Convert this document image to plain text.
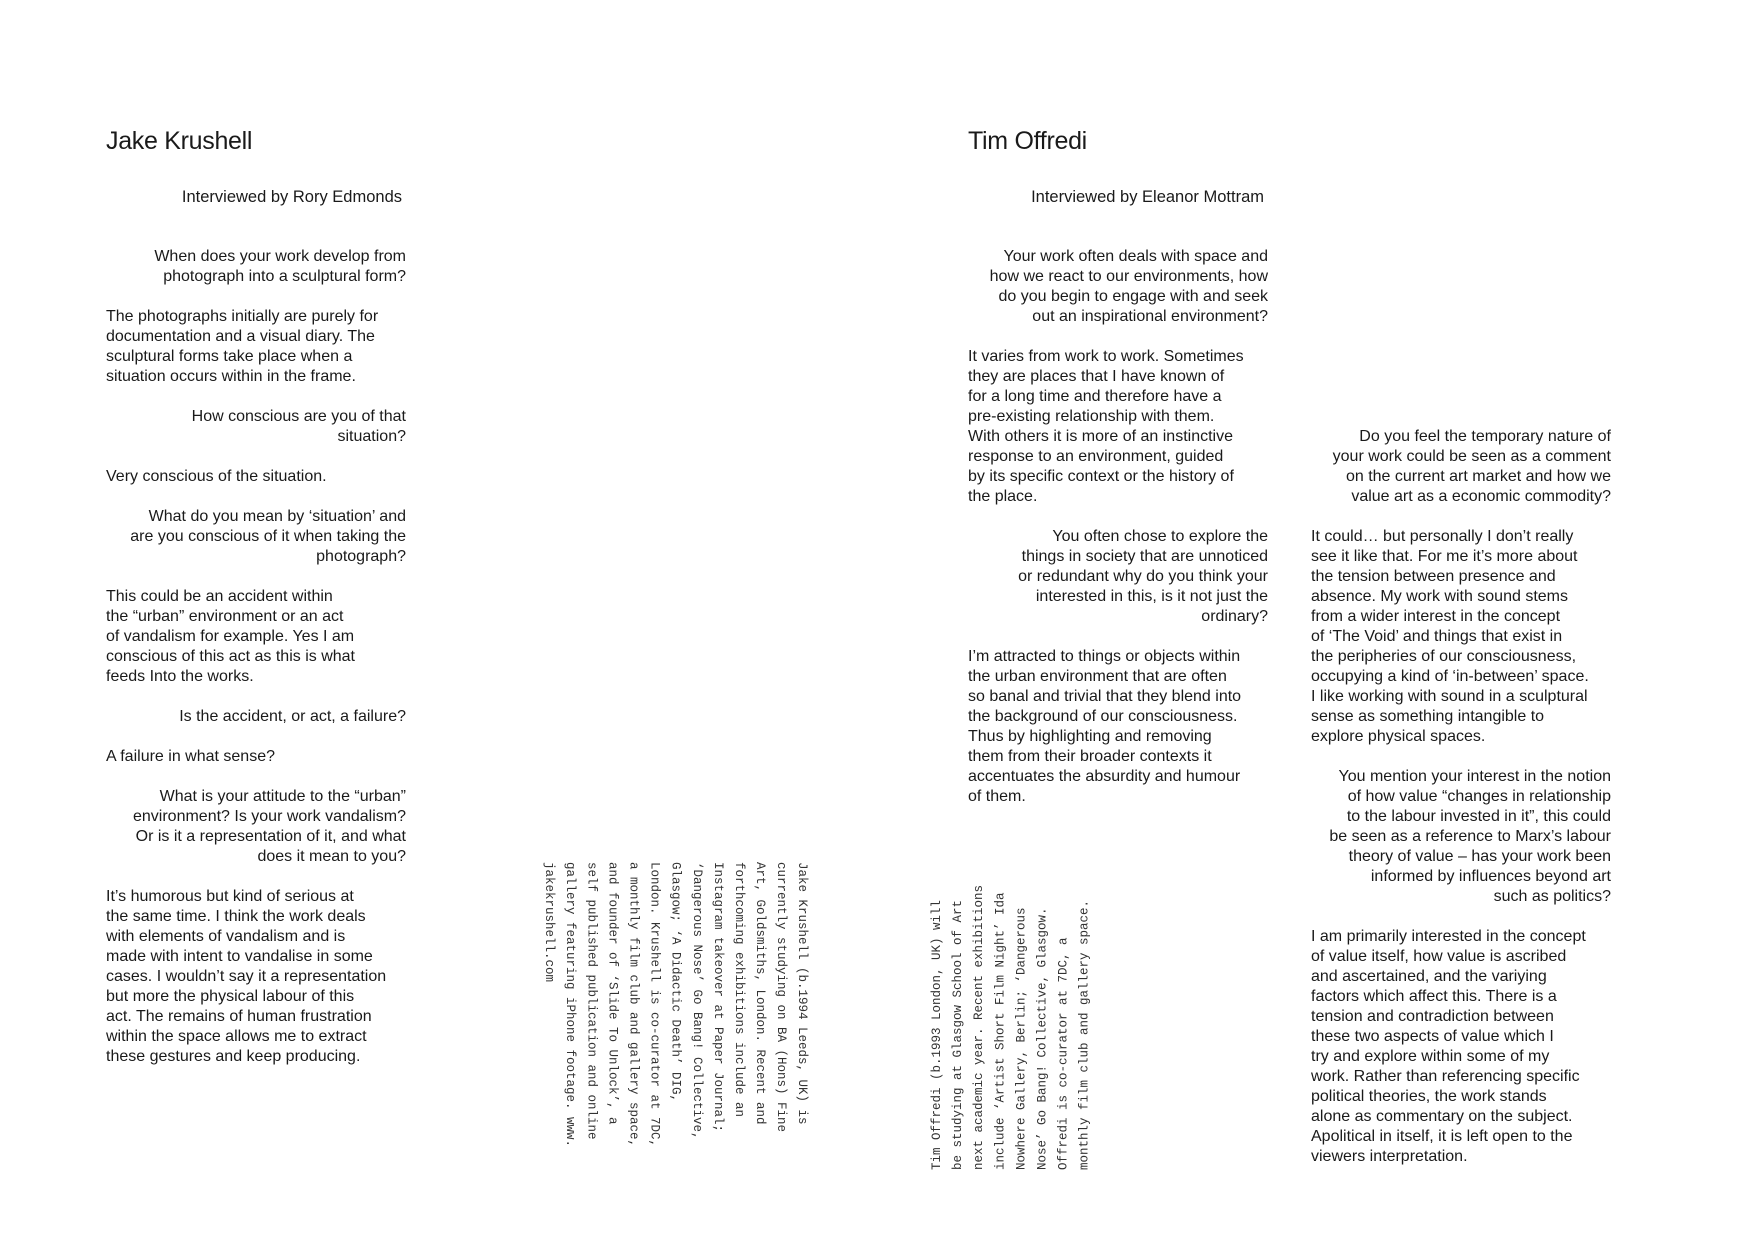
Jake Krushell
Interviewed by Rory Edmonds

When does your work develop from
photograph into a sculptural form?

The photographs initially are purely for
documentation and a visual diary. The
sculptural forms take place when a
situation occurs within in the frame.

How conscious are you of that
situation?

Very conscious of the situation.

What do you mean by ‘situation’ and
are you conscious of it when taking the
photograph?

This could be an accident within
the “urban” environment or an act
of vandalism for example. Yes I am
conscious of this act as this is what
feeds Into the works.

Is the accident, or act, a failure?

A failure in what sense?

What is your attitude to the “urban”
environment? Is your work vandalism?
Or is it a representation of it, and what
does it mean to you?

It’s humorous but kind of serious at
the same time. I think the work deals
with elements of vandalism and is
made with intent to vandalise in some
cases. I wouldn’t say it a representation
but more the physical labour of this
act. The remains of human frustration
within the space allows me to extract
these gestures and keep producing.

Tim Offredi
Interviewed by Eleanor Mottram

Your work often deals with space and
how we react to our environments, how
do you begin to engage with and seek
out an inspirational environment?

It varies from work to work. Sometimes
they are places that I have known of
for a long time and therefore have a
pre-existing relationship with them.
With others it is more of an instinctive
response to an environment, guided
by its specific context or the history of
the place.

You often chose to explore the
things in society that are unnoticed
or redundant why do you think your
interested in this, is it not just the
ordinary?

I’m attracted to things or objects within
the urban environment that are often
so banal and trivial that they blend into
the background of our consciousness.
Thus by highlighting and removing
them from their broader contexts it
accentuates the absurdity and humour
of them.

Do you feel the temporary nature of
your work could be seen as a comment
on the current art market and how we
value art as a economic commodity?

It could… but personally I don’t really
see it like that. For me it’s more about
the tension between presence and
absence. My work with sound stems
from a wider interest in the concept
of ‘The Void’ and things that exist in
the peripheries of our consciousness,
occupying a kind of ‘in-between’ space.
I like working with sound in a sculptural
sense as something intangible to
explore physical spaces.

You mention your interest in the notion
of how value “changes in relationship
to the labour invested in it”, this could
be seen as a reference to Marx’s labour
theory of value – has your work been
informed by influences beyond art
such as politics?

I am primarily interested in the concept
of value itself, how value is ascribed
and ascertained, and the variying
factors which affect this. There is a
tension and contradiction between
these two aspects of value which I
try and explore within some of my
work. Rather than referencing specific
political theories, the work stands
alone as commentary on the subject.
Apolitical in itself, it is left open to the
viewers interpretation.

Jake Krushell (b.1994 Leeds, UK) is
currently studying on BA (Hons) Fine
Art, Goldsmiths, London. Recent and
forthcoming exhibitions include an
Instagram takeover at Paper Journal;
‘Dangerous Nose’ Go Bang! Collective,
Glasgow; ‘A Didactic Death’ DIG,
London. Krushell is co-curator at 7DC,
a monthly film club and gallery space,
and founder of ‘Slide To Unlock’, a
self published publication and online
gallery featuring iPhone footage. www.
jakekrushell.com	Tim Offredi (b.1993 London, UK) will be studying at Glasgow School of Art next academic year. Recent exhibitions include ‘Artist Short Film Night’ Ida Nowhere Gallery, Berlin; ‘Dangerous Nose’ Go Bang! Collective, Glasgow. Offredi is co-curator at 7DC, a monthly film club and gallery space.
